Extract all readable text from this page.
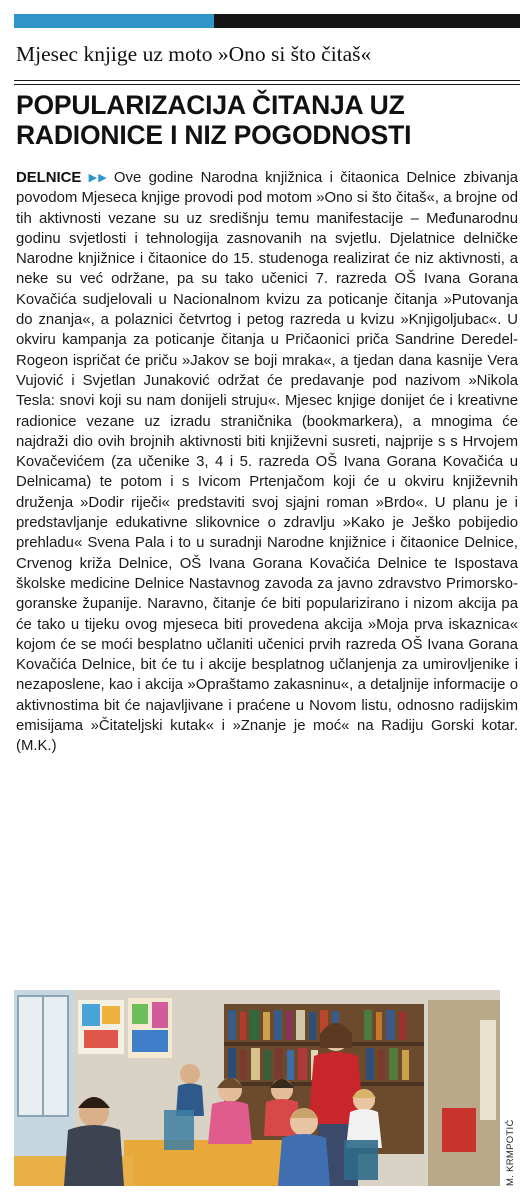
Mjesec knjige uz moto »Ono si što čitaš«
POPULARIZACIJA ČITANJA UZ RADIONICE I NIZ POGODNOSTI
DELNICE ▶▶ Ove godine Narodna knjižnica i čitaonica Delnice zbivanja povodom Mjeseca knjige provodi pod motom »Ono si što čitaš«, a brojne od tih aktivnosti vezane su uz središnju temu manifestacije – Međunarodnu godinu svjetlosti i tehnologija zasnovanih na svjetlu. Djelatnice delničke Narodne knjižnice i čitaonice do 15. studenoga realizirat će niz aktivnosti, a neke su već održane, pa su tako učenici 7. razreda OŠ Ivana Gorana Kovačića sudjelovali u Nacionalnom kvizu za poticanje čitanja »Putovanja do znanja«, a polaznici četvrtog i petog razreda u kvizu »Knjigoljubac«. U okviru kampanja za poticanje čitanja u Pričaonici priča Sandrine Deredel-Rogeon ispričat će priču »Jakov se boji mraka«, a tjedan dana kasnije Vera Vujović i Svjetlan Junaković održat će predavanje pod nazivom »Nikola Tesla: snovi koji su nam donijeli struju«. Mjesec knjige donijet će i kreativne radionice vezane uz izradu straničnika (bookmarkera), a mnogima će najdraži dio ovih brojnih aktivnosti biti književni susreti, najprije s s Hrvojem Kovačevićem (za učenike 3, 4 i 5. razreda OŠ Ivana Gorana Kovačića u Delnicama) te potom i s Ivicom Prtenjačom koji će u okviru književnih druženja »Dodir riječi« predstaviti svoj sjajni roman »Brdo«. U planu je i predstavljanje edukativne slikovnice o zdravlju »Kako je Ješko pobijedio prehladu« Svena Pala i to u suradnji Narodne knjižnice i čitaonice Delnice, Crvenog križa Delnice, OŠ Ivana Gorana Kovačića Delnice te Ispostava školske medicine Delnice Nastavnog zavoda za javno zdravstvo Primorsko-goranske županije. Naravno, čitanje će biti popularizirano i nizom akcija pa će tako u tijeku ovog mjeseca biti provedena akcija »Moja prva iskaznica« kojom će se moći besplatno učlaniti učenici prvih razreda OŠ Ivana Gorana Kovačića Delnice, bit će tu i akcije besplatnog učlanjenja za umirovljenike i nezaposlene, kao i akcija »Opraštamo zakasninu«, a detaljnije informacije o aktivnostima bit će najavljivane i praćene u Novom listu, odnosno radijskim emisijama »Čitateljski kutak« i »Znanje je moć« na Radiju Gorski kotar. (M.K.)
M. KRMPOTIĆ
